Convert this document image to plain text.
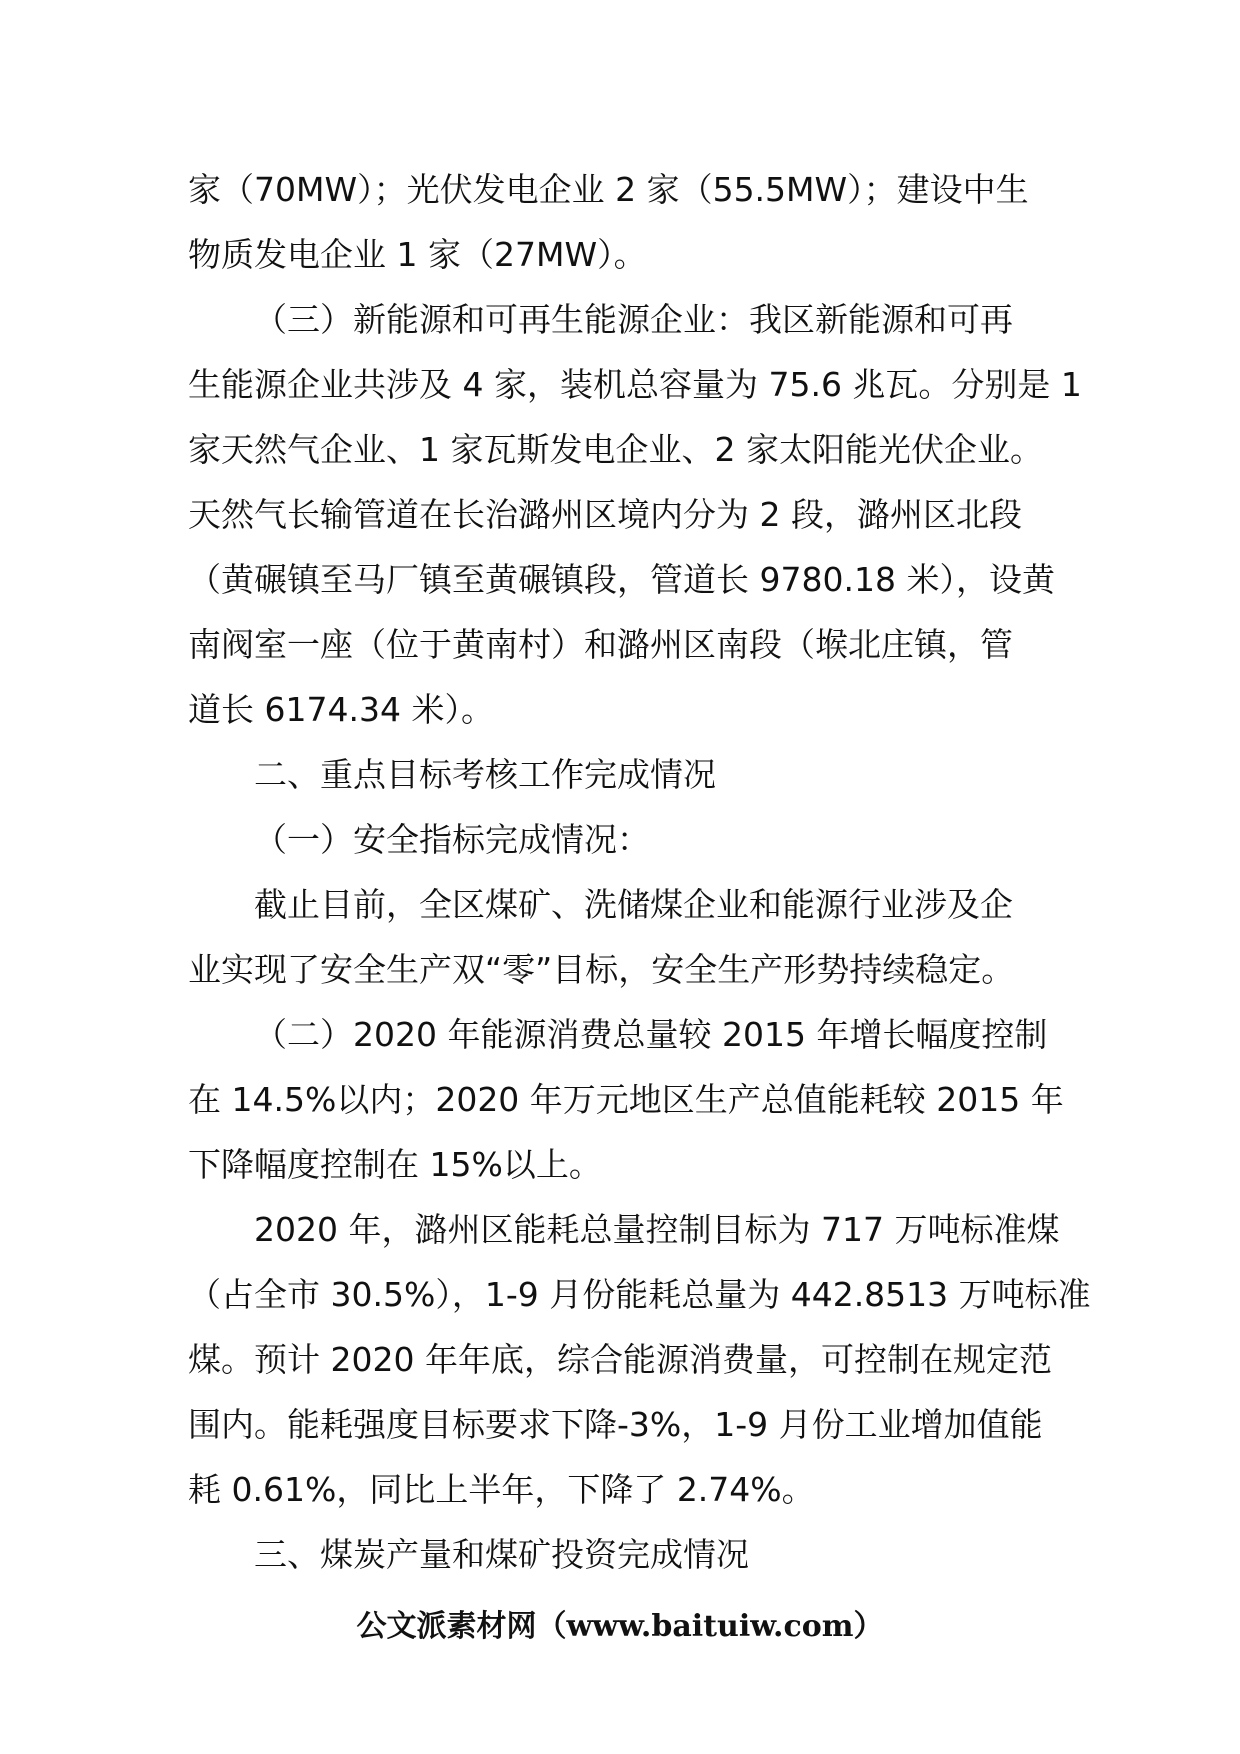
家（70MW）；光伏发电企业 2 家（55.5MW）；建设中生
物质发电企业 1 家（27MW）。
（三）新能源和可再生能源企业：我区新能源和可再
生能源企业共涉及 4 家，装机总容量为 75.6 兆瓦。分别是 1
家天然气企业、1 家瓦斯发电企业、2 家太阳能光伏企业。
天然气长输管道在长治潞州区境内分为 2 段，潞州区北段
（黄碾镇至马厂镇至黄碾镇段，管道长 9780.18 米），设黄
南阀室一座（位于黄南村）和潞州区南段（堠北庄镇，管
道长 6174.34 米）。
二、重点目标考核工作完成情况
（一）安全指标完成情况：
截止目前，全区煤矿、洗储煤企业和能源行业涉及企
业实现了安全生产双“零”目标，安全生产形势持续稳定。
（二）2020 年能源消费总量较 2015 年增长幅度控制
在 14.5%以内；2020 年万元地区生产总值能耗较 2015 年
下降幅度控制在 15%以上。
2020 年，潞州区能耗总量控制目标为 717 万吨标准煤
（占全市 30.5%），1-9 月份能耗总量为 442.8513 万吨标准
煤。预计 2020 年年底，综合能源消费量，可控制在规定范
围内。能耗强度目标要求下降-3%，1-9 月份工业增加值能
耗 0.61%，同比上半年，下降了 2.74%。
三、煤炭产量和煤矿投资完成情况
公文派素材网（www.baituiw.com）
